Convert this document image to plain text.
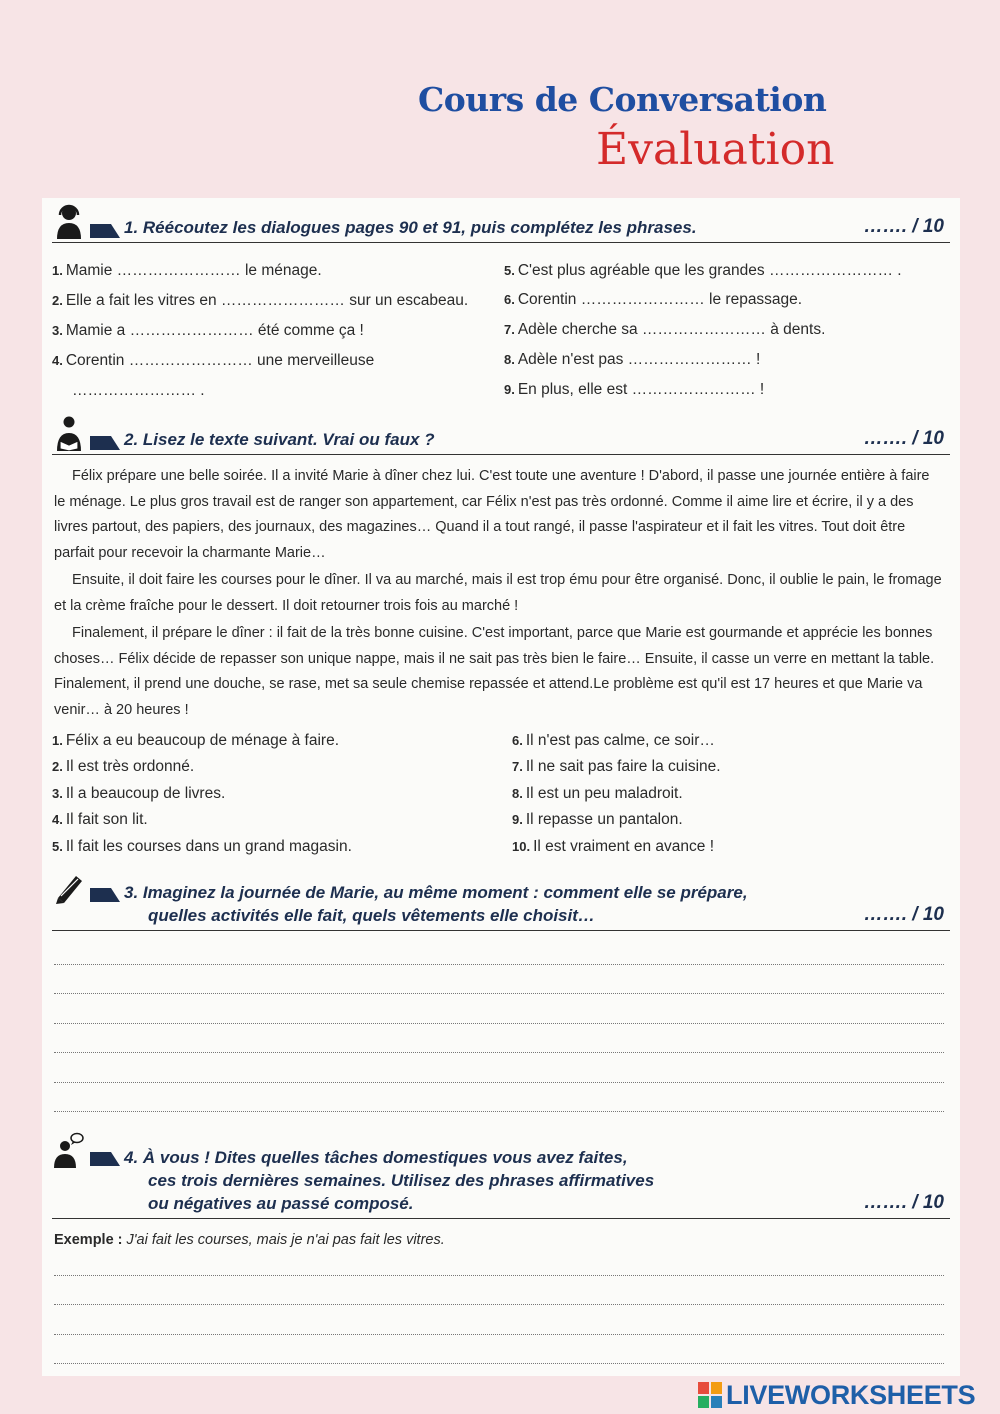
Cours de Conversation
Évaluation
1. Réécoutez les dialogues pages 90 et 91, puis complétez les phrases.	……. / 10
1. Mamie …………………… le ménage.
2. Elle a fait les vitres en …………………… sur un escabeau.
3. Mamie a …………………… été comme ça !
4. Corentin …………………… une merveilleuse
…………………… .
5. C'est plus agréable que les grandes …………………… .
6. Corentin …………………… le repassage.
7. Adèle cherche sa …………………… à dents.
8. Adèle n'est pas …………………… !
9. En plus, elle est …………………… !
2. Lisez le texte suivant. Vrai ou faux ?	……. / 10

Félix prépare une belle soirée. Il a invité Marie à dîner chez lui. C'est toute une aventure ! D'abord, il passe une journée entière à faire le ménage. Le plus gros travail est de ranger son appartement, car Félix n'est pas très ordonné. Comme il aime lire et écrire, il y a des livres partout, des papiers, des journaux, des magazines… Quand il a tout rangé, il passe l'aspirateur et il fait les vitres. Tout doit être parfait pour recevoir la charmante Marie…

Ensuite, il doit faire les courses pour le dîner. Il va au marché, mais il est trop ému pour être organisé. Donc, il oublie le pain, le fromage et la crème fraîche pour le dessert. Il doit retourner trois fois au marché !

Finalement, il prépare le dîner : il fait de la très bonne cuisine. C'est important, parce que Marie est gourmande et apprécie les bonnes choses… Félix décide de repasser son unique nappe, mais il ne sait pas très bien le faire… Ensuite, il casse un verre en mettant la table. Finalement, il prend une douche, se rase, met sa seule chemise repassée et attend.Le problème est qu'il est 17 heures et que Marie va venir… à 20 heures !

1. Félix a eu beaucoup de ménage à faire.
2. Il est très ordonné.
3. Il a beaucoup de livres.
4. Il fait son lit.
5. Il fait les courses dans un grand magasin.
6. Il n'est pas calme, ce soir…
7. Il ne sait pas faire la cuisine.
8. Il est un peu maladroit.
9. Il repasse un pantalon.
10. Il est vraiment en avance !
3. Imaginez la journée de Marie, au même moment : comment elle se prépare,
quelles activités elle fait, quels vêtements elle choisit…	……. / 10
4. À vous ! Dites quelles tâches domestiques vous avez faites,
ces trois dernières semaines. Utilisez des phrases affirmatives
ou négatives au passé composé.	……. / 10
Exemple : J'ai fait les courses, mais je n'ai pas fait les vitres.
LIVEWORKSHEETS
